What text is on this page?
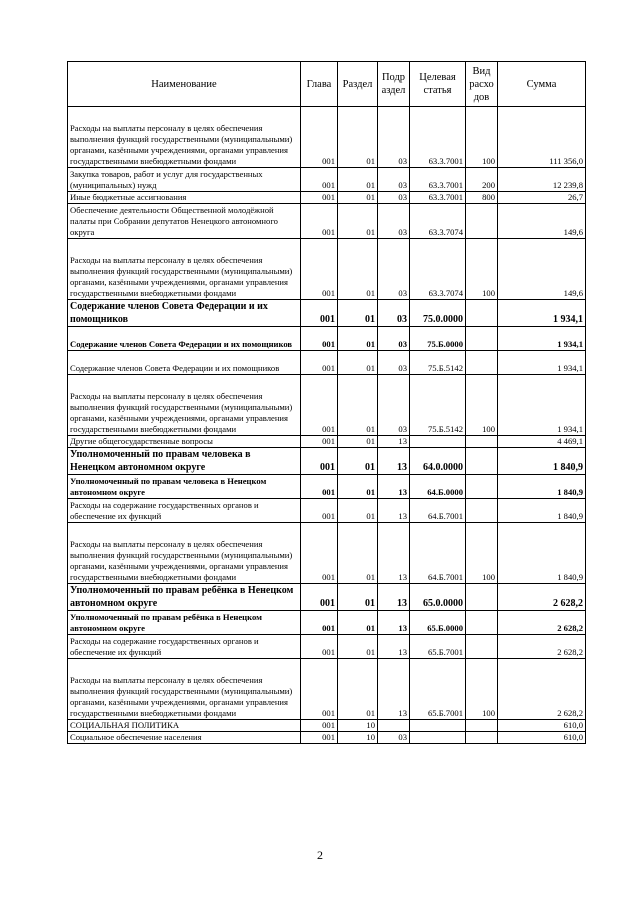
Наименование	Глава	Раздел	Подр аздел	Целевая статья	Вид расхо дов	Сумма
Расходы на выплаты персоналу в целях обеспечения выполнения функций государственными (муниципальными) органами, казёнными учреждениями, органами управления государственными внебюджетными фондами	001	01	03	63.3.7001	100	111 356,0
Закупка товаров, работ и услуг для государственных (муниципальных) нужд	001	01	03	63.3.7001	200	12 239,8
Иные бюджетные ассигнования	001	01	03	63.3.7001	800	26,7
Обеспечение деятельности Общественной молодёжной палаты при Собрании депутатов Ненецкого автономного округа	001	01	03	63.3.7074		149,6
Расходы на выплаты персоналу в целях обеспечения выполнения функций государственными (муниципальными) органами, казёнными учреждениями, органами управления государственными внебюджетными фондами	001	01	03	63.3.7074	100	149,6
Содержание членов Совета Федерации и их помощников	001	01	03	75.0.0000		1 934,1
Содержание членов Совета Федерации и их помощников	001	01	03	75.Б.0000		1 934,1
Содержание членов Совета Федерации и их помощников	001	01	03	75.Б.5142		1 934,1
Расходы на выплаты персоналу в целях обеспечения выполнения функций государственными (муниципальными) органами, казёнными учреждениями, органами управления государственными внебюджетными фондами	001	01	03	75.Б.5142	100	1 934,1
Другие общегосударственные вопросы	001	01	13			4 469,1
Уполномоченный по правам человека в Ненецком автономном округе	001	01	13	64.0.0000		1 840,9
Уполномоченный по правам человека в Ненецком автономном округе	001	01	13	64.Б.0000		1 840,9
Расходы на содержание государственных органов и обеспечение их функций	001	01	13	64.Б.7001		1 840,9
Расходы на выплаты персоналу в целях обеспечения выполнения функций государственными (муниципальными) органами, казёнными учреждениями, органами управления государственными внебюджетными фондами	001	01	13	64.Б.7001	100	1 840,9
Уполномоченный по правам ребёнка в Ненецком автономном округе	001	01	13	65.0.0000		2 628,2
Уполномоченный по правам ребёнка в Ненецком автономном округе	001	01	13	65.Б.0000		2 628,2
Расходы на содержание государственных органов и обеспечение их функций	001	01	13	65.Б.7001		2 628,2
Расходы на выплаты персоналу в целях обеспечения выполнения функций государственными (муниципальными) органами, казёнными учреждениями, органами управления государственными внебюджетными фондами	001	01	13	65.Б.7001	100	2 628,2
СОЦИАЛЬНАЯ ПОЛИТИКА	001	10				610,0
Социальное обеспечение населения	001	10	03			610,0
2
